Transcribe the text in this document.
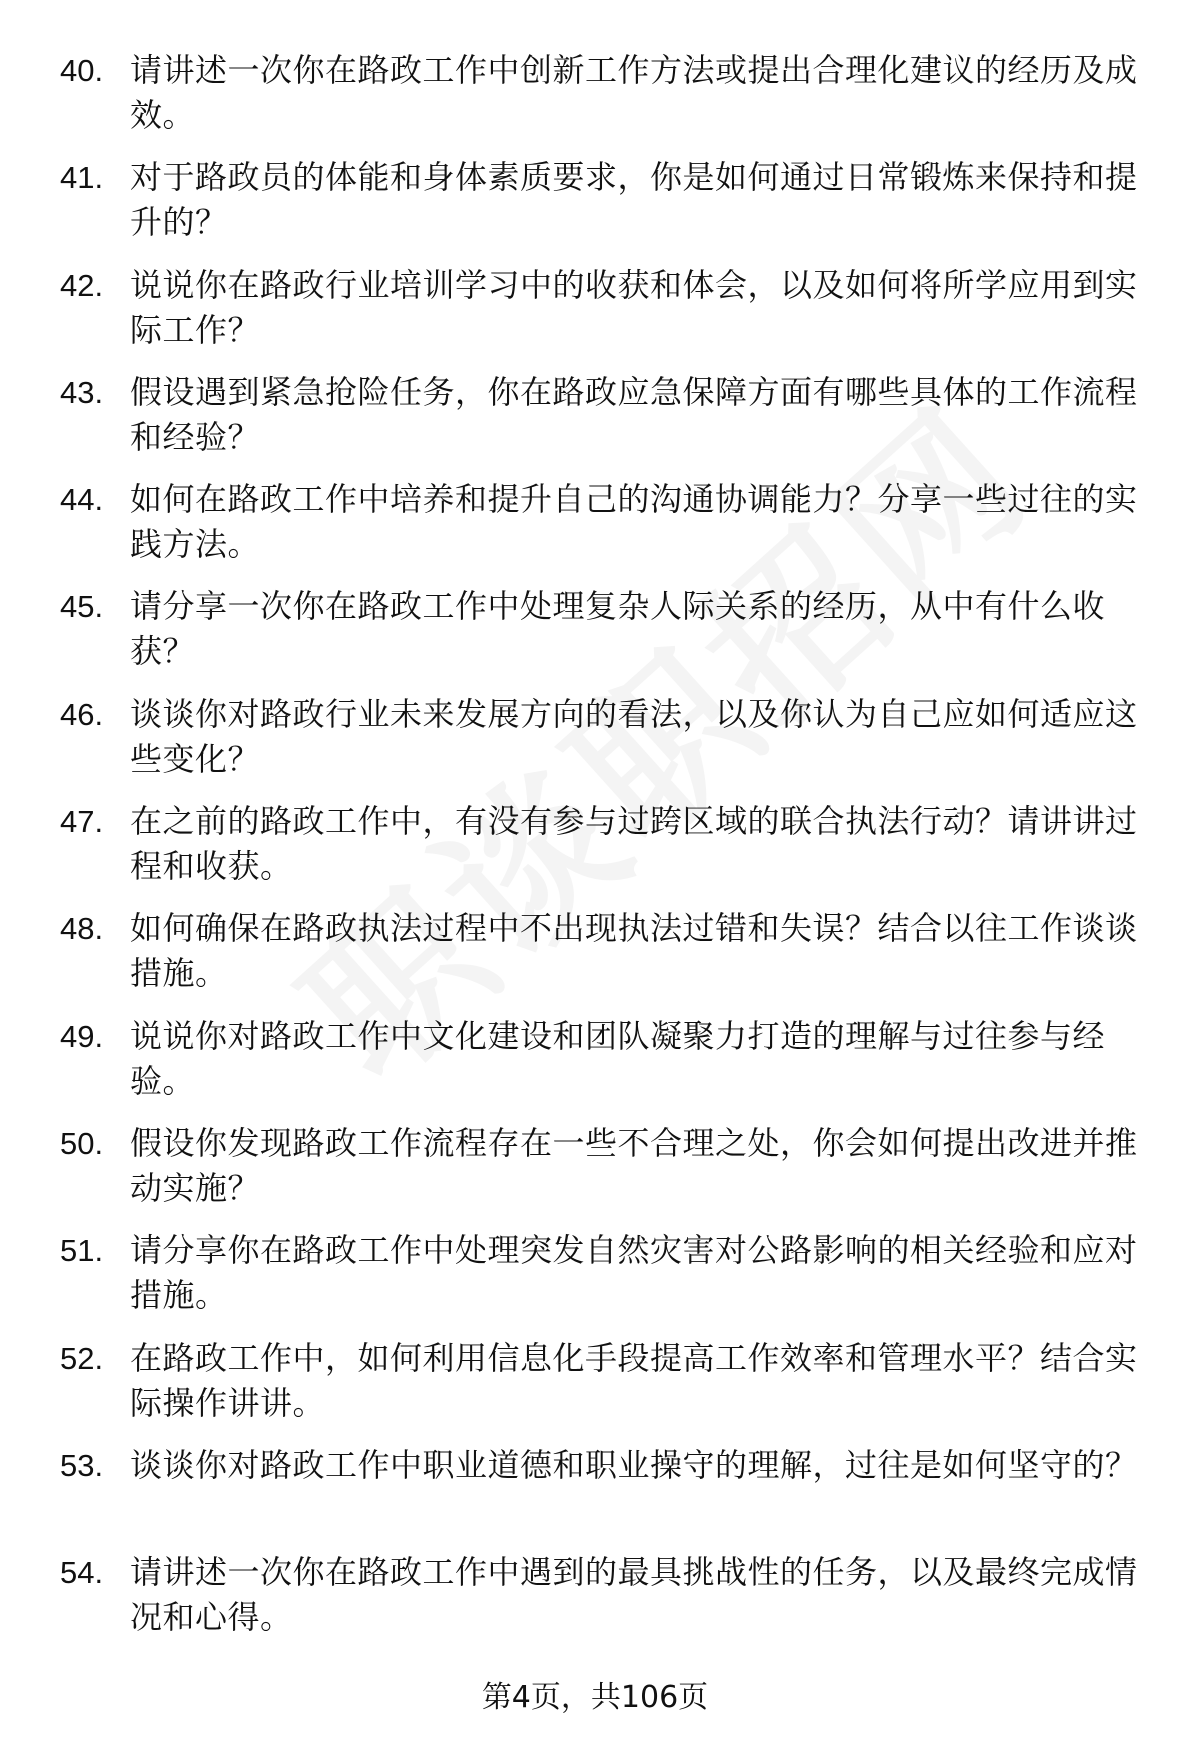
40. 请讲述一次你在路政工作中创新工作方法或提出合理化建议的经历及成效。
41. 对于路政员的体能和身体素质要求，你是如何通过日常锻炼来保持和提升的？
42. 说说你在路政行业培训学习中的收获和体会，以及如何将所学应用到实际工作？
43. 假设遇到紧急抢险任务，你在路政应急保障方面有哪些具体的工作流程和经验？
44. 如何在路政工作中培养和提升自己的沟通协调能力？分享一些过往的实践方法。
45. 请分享一次你在路政工作中处理复杂人际关系的经历，从中有什么收获？
46. 谈谈你对路政行业未来发展方向的看法，以及你认为自己应如何适应这些变化？
47. 在之前的路政工作中，有没有参与过跨区域的联合执法行动？请讲讲过程和收获。
48. 如何确保在路政执法过程中不出现执法过错和失误？结合以往工作谈谈措施。
49. 说说你对路政工作中文化建设和团队凝聚力打造的理解与过往参与经验。
50. 假设你发现路政工作流程存在一些不合理之处，你会如何提出改进并推动实施？
51. 请分享你在路政工作中处理突发自然灾害对公路影响的相关经验和应对措施。
52. 在路政工作中，如何利用信息化手段提高工作效率和管理水平？结合实际操作讲讲。
53. 谈谈你对路政工作中职业道德和职业操守的理解，过往是如何坚守的？
54. 请讲述一次你在路政工作中遇到的最具挑战性的任务，以及最终完成情况和心得。
第4页，共106页
